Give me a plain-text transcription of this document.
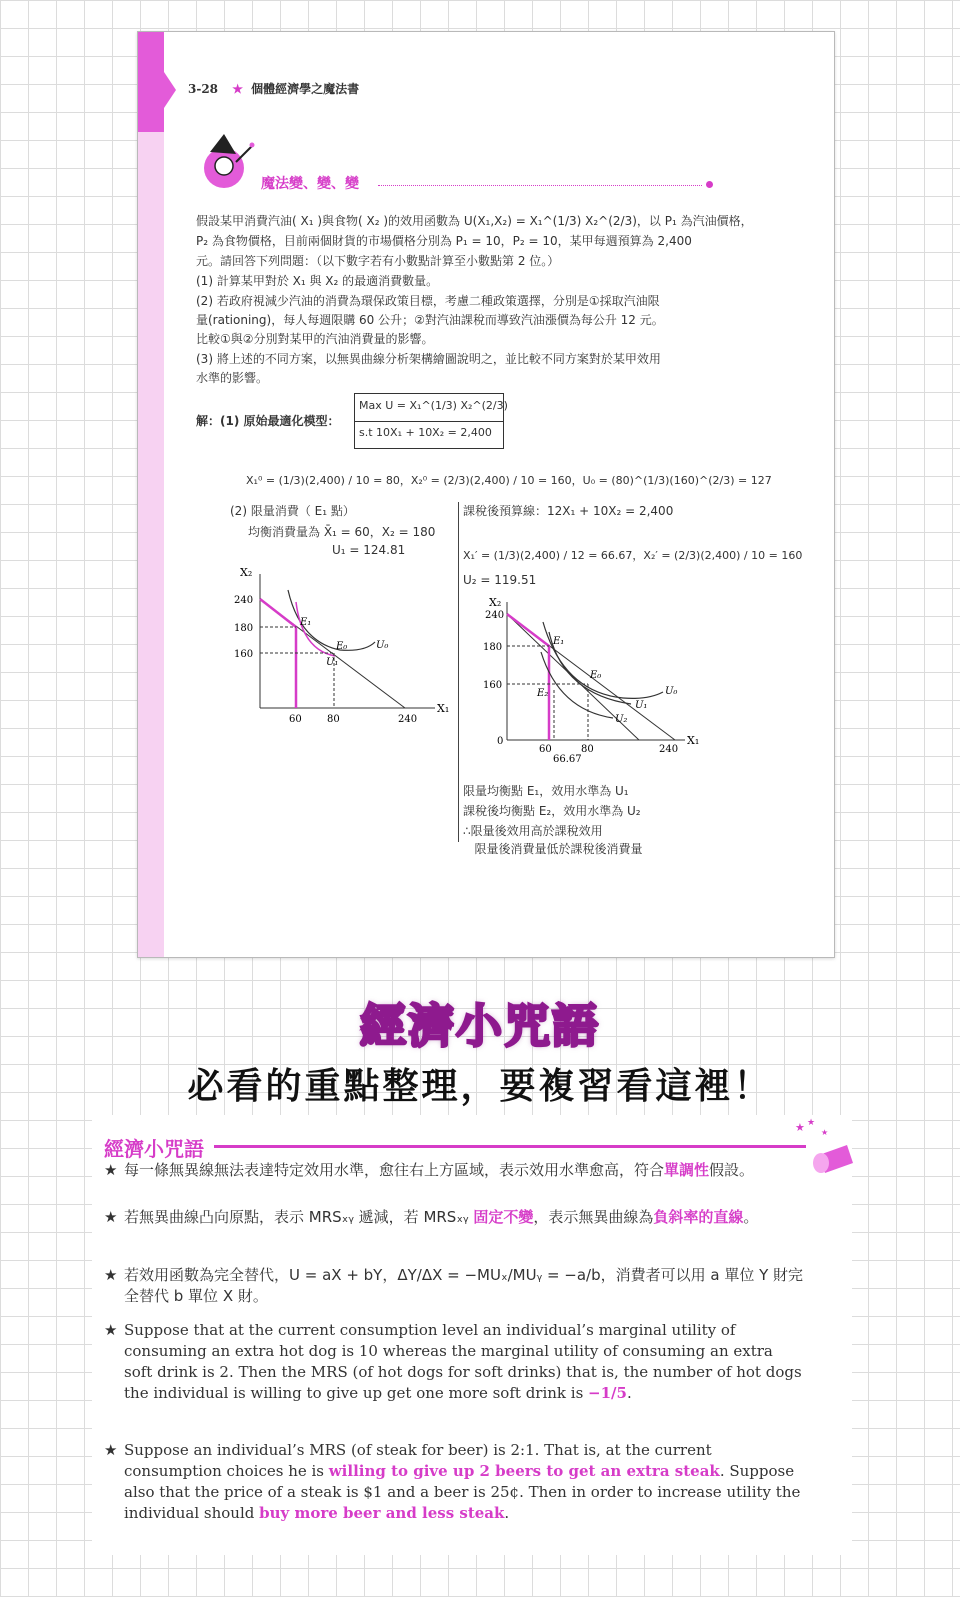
3-28 ★ 個體經濟學之魔法書
魔法變、變、變
假設某甲消費汽油( X₁ )與食物( X₂ )的效用函數為 U(X₁,X₂) = X₁^(1/3) X₂^(2/3)，以 P₁ 為汽油價格，
P₂ 為食物價格，目前兩個財貨的市場價格分別為 P₁ = 10，P₂ = 10，某甲每週預算為 2,400
元。請回答下列問題：（以下數字若有小數點計算至小數點第 2 位。）
(1) 計算某甲對於 X₁ 與 X₂ 的最適消費數量。
(2) 若政府視減少汽油的消費為環保政策目標，考慮二種政策選擇，分別是①採取汽油限
量(rationing)，每人每週限購 60 公升；②對汽油課稅而導致汽油漲價為每公升 12 元。
比較①與②分別對某甲的汽油消費量的影響。
(3) 將上述的不同方案，以無異曲線分析架構繪圖說明之，並比較不同方案對於某甲效用
水準的影響。
解：(1) 原始最適化模型：
Max U = X₁^(1/3) X₂^(2/3)
s.t 10X₁ + 10X₂ = 2,400
X₁⁰ = (1/3)(2,400) / 10 = 80，X₂⁰ = (2/3)(2,400) / 10 = 160，U₀ = (80)^(1/3)(160)^(2/3) = 127
(2) 限量消費（ E₁ 點）
均衡消費量為 X̄₁ = 60，X₂ = 180
U₁ = 124.81
課稅後預算線：12X₁ + 10X₂ = 2,400
X₁′ = (1/3)(2,400) / 12 = 66.67，X₂′ = (2/3)(2,400) / 10 = 160
U₂ = 119.51
X₂
X₁
240
180
160
60	80	240
E₁
E₀
U₁
U₀
X₂
X₁
240
180
160
0
60
66.67
80	240
E₁
E₀
E₂	U₀
U₁
U₂
限量均衡點 E₁，效用水準為 U₁
課稅後均衡點 E₂，效用水準為 U₂
∴限量後效用高於課稅效用
限量後消費量低於課稅後消費量
經濟小咒語
必看的重點整理，要複習看這裡！
經濟小咒語
★ ★
★
★ 每一條無異線無法表達特定效用水準，愈往右上方區域，表示效用水準愈高，符合單調性假設。
★ 若無異曲線凸向原點，表示 MRSₓᵧ 遞減，若 MRSₓᵧ 固定不變，表示無異曲線為負斜率的直線。
★ 若效用函數為完全替代，U = aX + bY，ΔY/ΔX = −MUₓ/MUᵧ = −a/b，消費者可以用 a 單位 Y 財完全替代 b 單位 X 財。
★ Suppose that at the current consumption level an individual’s marginal utility of consuming an extra hot dog is 10 whereas the marginal utility of consuming an extra soft drink is 2. Then the MRS (of hot dogs for soft drinks) that is, the number of hot dogs the individual is willing to give up get one more soft drink is −1/5.
★ Suppose an individual’s MRS (of steak for beer) is 2:1. That is, at the current consumption choices he is willing to give up 2 beers to get an extra steak. Suppose also that the price of a steak is $1 and a beer is 25¢. Then in order to increase utility the individual should buy more beer and less steak.
